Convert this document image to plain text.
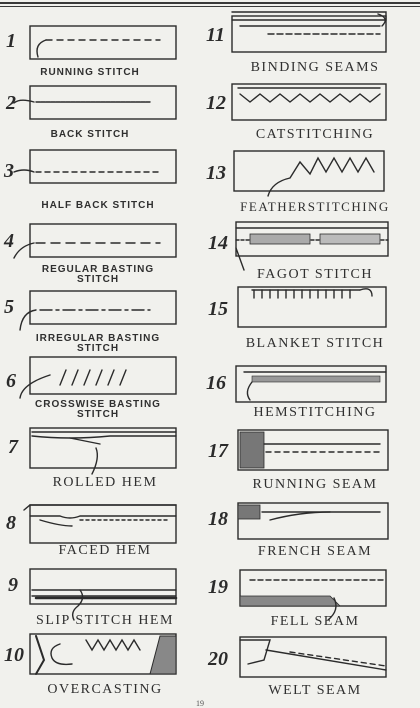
1
2
3
4
5
6
7
8
9
10
11
12
13
14
15
16
17
18
19
20
RUNNING STITCH
BACK STITCH
HALF BACK STITCH
REGULAR BASTING
STITCH
IRREGULAR BASTING
STITCH
CROSSWISE BASTING
STITCH
ROLLED HEM
FACED HEM
SLIP STITCH HEM
OVERCASTING
BINDING SEAMS
CATSTITCHING
FEATHERSTITCHING
FAGOT STITCH
BLANKET STITCH
HEMSTITCHING
RUNNING SEAM
FRENCH SEAM
FELL SEAM
WELT SEAM
19
